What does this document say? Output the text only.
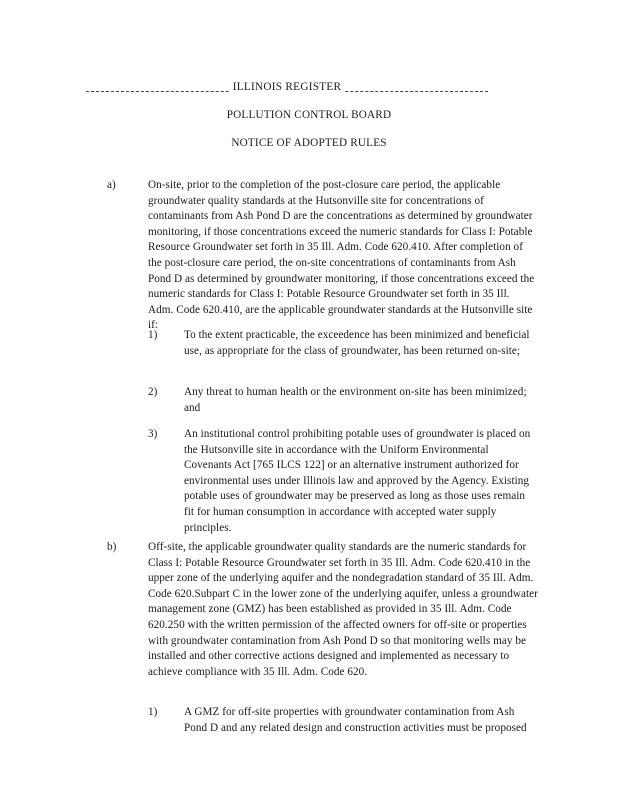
ILLINOIS REGISTER
POLLUTION CONTROL BOARD
NOTICE OF ADOPTED RULES
a)	On-site, prior to the completion of the post-closure care period, the applicable groundwater quality standards at the Hutsonville site for concentrations of contaminants from Ash Pond D are the concentrations as determined by groundwater monitoring, if those concentrations exceed the numeric standards for Class I: Potable Resource Groundwater set forth in 35 Ill. Adm. Code 620.410. After completion of the post-closure care period, the on-site concentrations of contaminants from Ash Pond D as determined by groundwater monitoring, if those concentrations exceed the numeric standards for Class I: Potable Resource Groundwater set forth in 35 Ill. Adm. Code 620.410, are the applicable groundwater standards at the Hutsonville site if:
1) To the extent practicable, the exceedence has been minimized and beneficial use, as appropriate for the class of groundwater, has been returned on-site;
2) Any threat to human health or the environment on-site has been minimized; and
3) An institutional control prohibiting potable uses of groundwater is placed on the Hutsonville site in accordance with the Uniform Environmental Covenants Act [765 ILCS 122] or an alternative instrument authorized for environmental uses under Illinois law and approved by the Agency. Existing potable uses of groundwater may be preserved as long as those uses remain fit for human consumption in accordance with accepted water supply principles.
b)	Off-site, the applicable groundwater quality standards are the numeric standards for Class I: Potable Resource Groundwater set forth in 35 Ill. Adm. Code 620.410 in the upper zone of the underlying aquifer and the nondegradation standard of 35 Ill. Adm. Code 620.Subpart C in the lower zone of the underlying aquifer, unless a groundwater management zone (GMZ) has been established as provided in 35 Ill. Adm. Code 620.250 with the written permission of the affected owners for off-site or properties with groundwater contamination from Ash Pond D so that monitoring wells may be installed and other corrective actions designed and implemented as necessary to achieve compliance with 35 Ill. Adm. Code 620.
1) A GMZ for off-site properties with groundwater contamination from Ash Pond D and any related design and construction activities must be proposed
